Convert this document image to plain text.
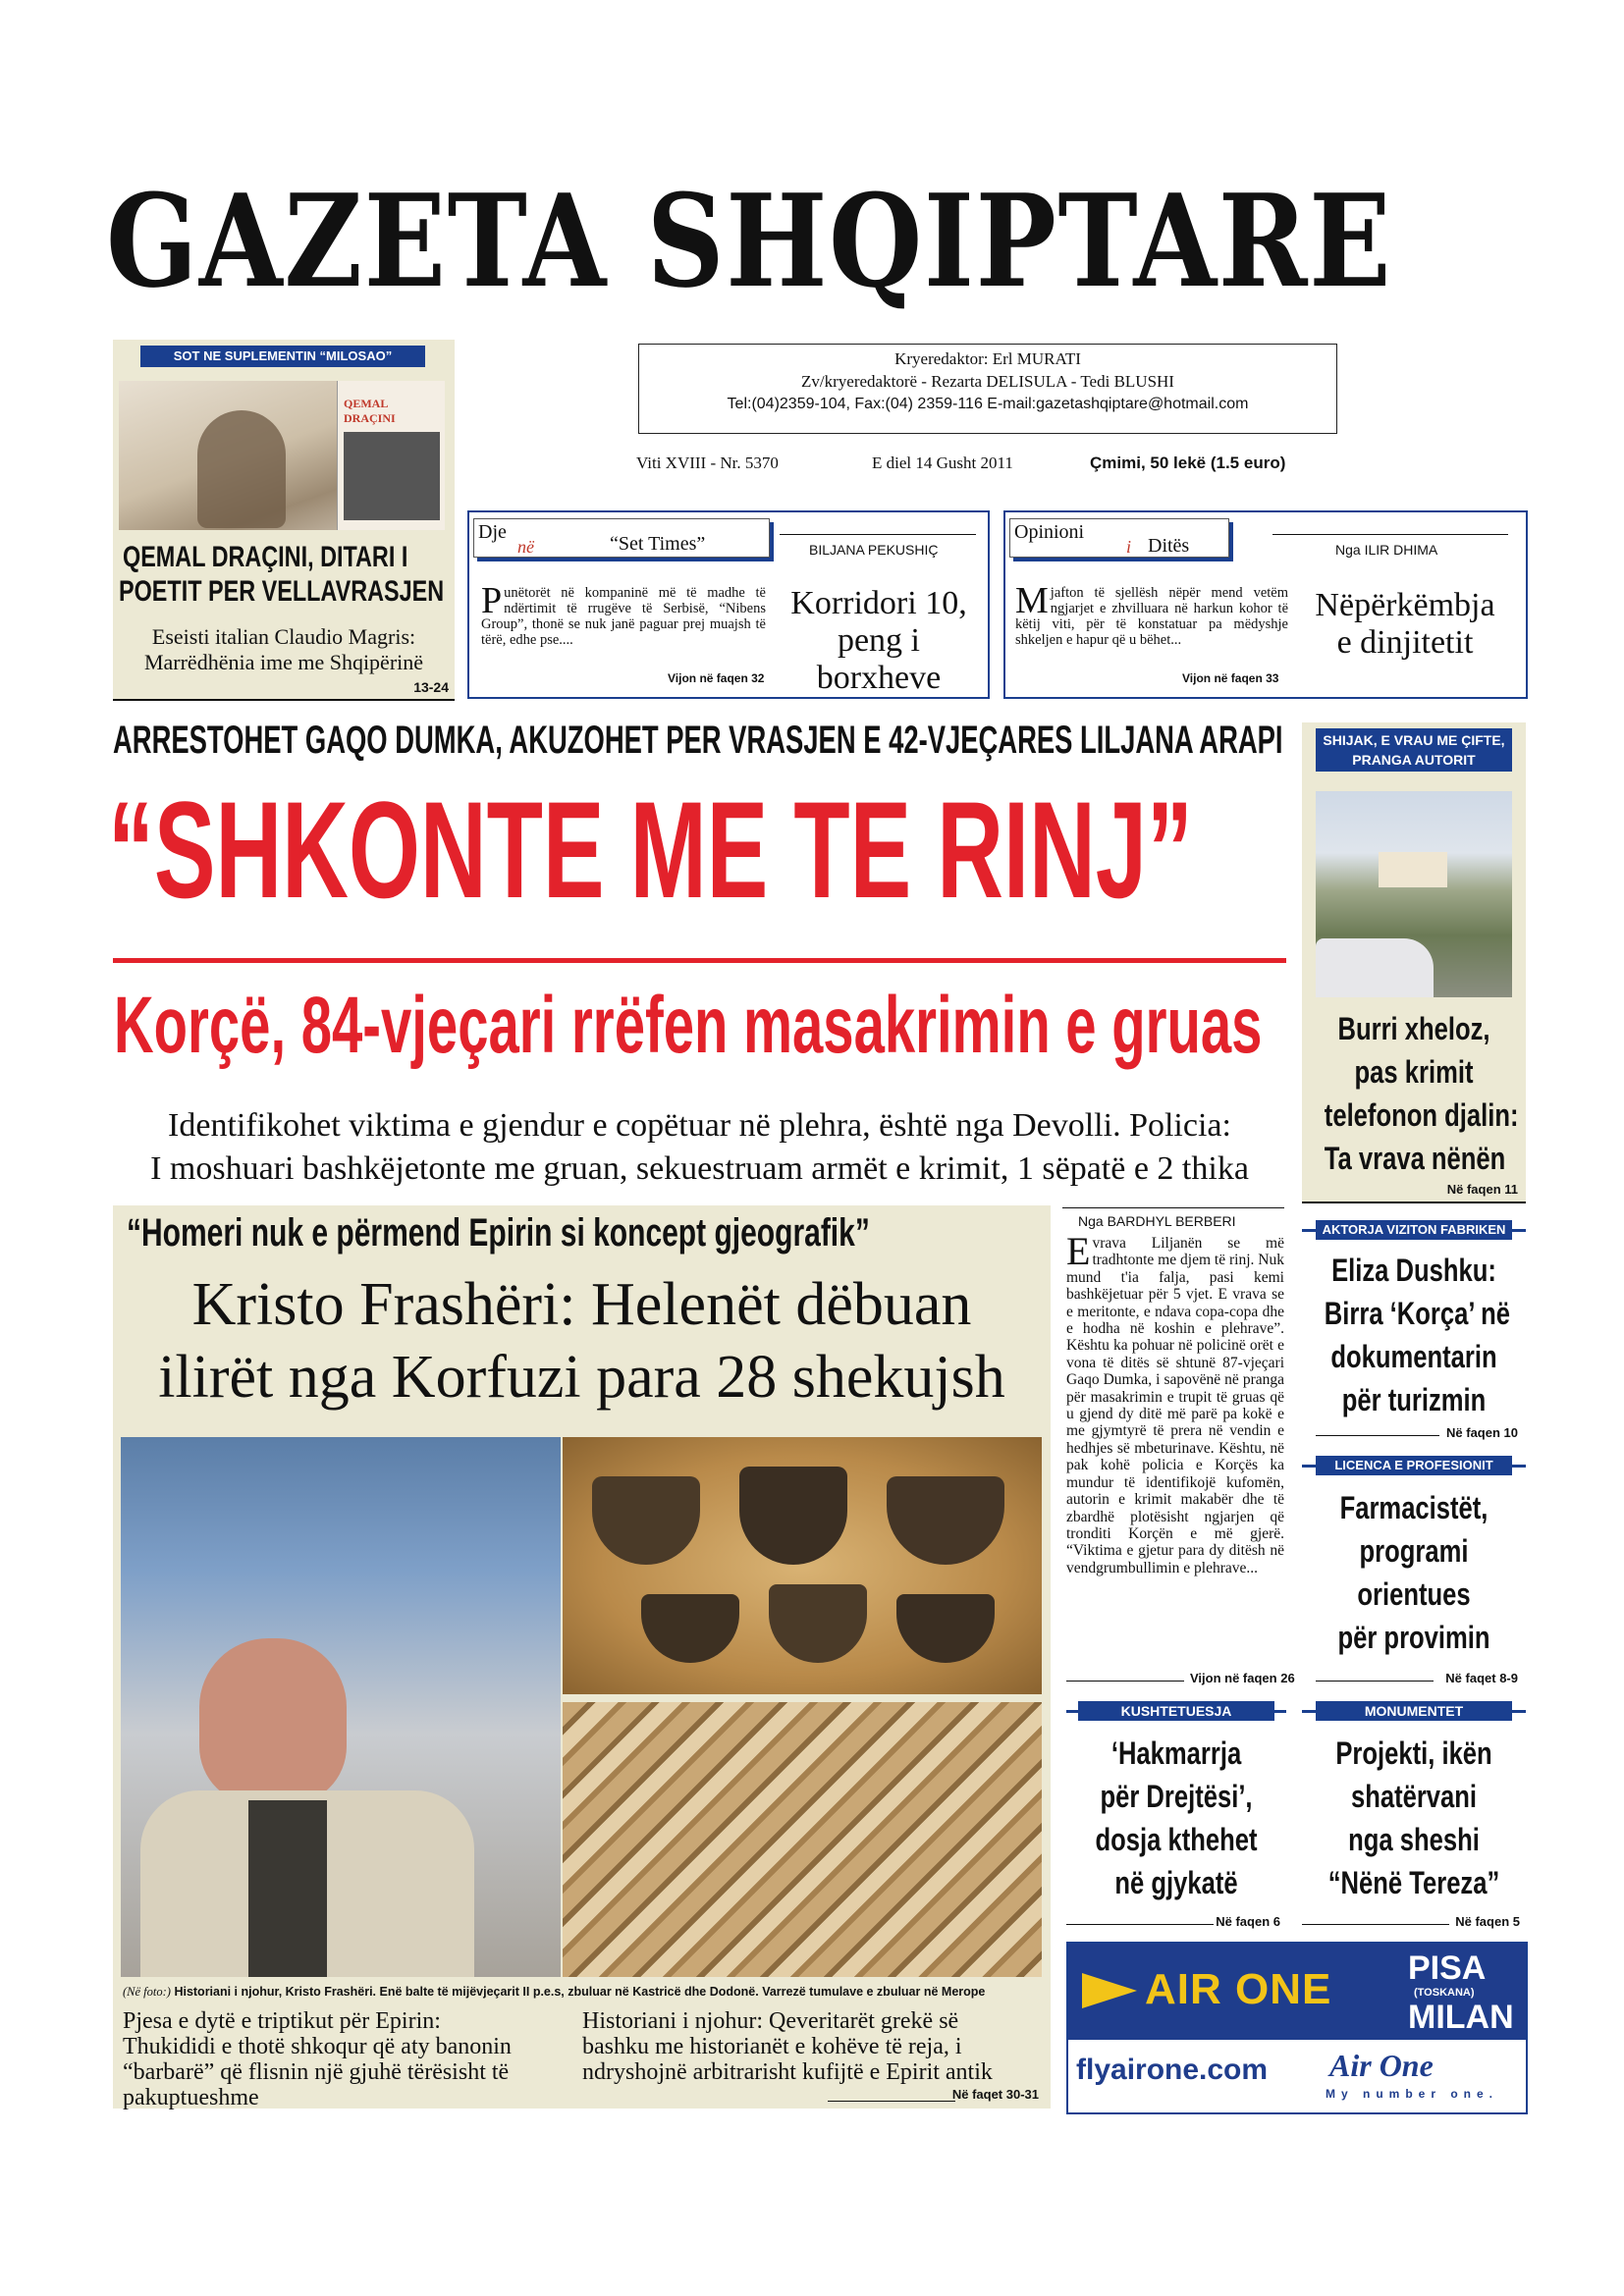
GAZETA SHQIPTARE
Kryeredaktor: Erl MURATI
Zv/kryeredaktorë - Rezarta DELISULA - Tedi BLUSHI
Tel:(04)2359-104, Fax:(04) 2359-116 E-mail:gazetashqiptare@hotmail.com
Viti XVIII - Nr. 5370	E diel 14 Gusht 2011	Çmimi, 50 lekë (1.5 euro)
SOT NE SUPLEMENTIN “MILOSAO”
QEMAL DRAÇINI
QEMAL DRAÇINI, DITARI I
POETIT PER VELLAVRASJEN
Eseisti italian Claudio Magris:
Marrëdhënia ime me Shqipërinë
13-24
Dje
në	“Set Times”	BILJANA PEKUSHIÇ
P unëtorët në kompaninë më të madhe të ndërtimit të rrugëve të Serbisë, “Nibens Group”, thonë se nuk janë paguar prej muajsh të tërë, edhe pse....
Korridori 10,
peng i borxheve
Vijon në faqen 32
Opinioni
i Ditës	Nga ILIR DHIMA
M jafton të sjellësh nëpër mend vetëm ngjarjet e zhvilluara në harkun kohor të këtij viti, për të konstatuar pa mëdyshje shkeljen e hapur që u bëhet...
Nëpërkëmbja
e dinjitetit
Vijon në faqen 33
ARRESTOHET GAQO DUMKA, AKUZOHET PER VRASJEN E 42-VJEÇARES LILJANA ARAPI
“SHKONTE ME TE RINJ”
Korçë, 84-vjeçari rrëfen masakrimin e gruas
Identifikohet viktima e gjendur e copëtuar në plehra, është nga Devolli. Policia:
I moshuari bashkëjetonte me gruan, sekuestruam armët e krimit, 1 sëpatë e 2 thika
Nga BARDHYL BERBERI
E vrava Liljanën se më tradhtonte me djem të rinj. Nuk mund t'ia falja, pasi kemi bashkëjetuar për 5 vjet. E vrava se e meritonte, e ndava copa-copa dhe e hodha në koshin e plehrave”. Kështu ka pohuar në policinë orët e vona të ditës së shtunë 87-vjeçari Gaqo Dumka, i sapovënë në pranga për masakrimin e trupit të gruas që u gjend dy ditë më parë pa kokë e me gjymtyrë të prera në vendin e hedhjes së mbeturinave. Kështu, në pak kohë policia e Korçës ka mundur të identifikojë kufomën, autorin e krimit makabër dhe të zbardhë plotësisht ngjarjen që tronditi Korçën e më gjerë. “Viktima e gjetur para dy ditësh në vendgrumbullimin e plehrave...
Vijon në faqen 26
SHIJAK, E VRAU ME ÇIFTE, PRANGA AUTORIT
Burri xheloz,
pas krimit
telefonon djalin:
Ta vrava nënën
Në faqen 11
AKTORJA VIZITON FABRIKEN
Eliza Dushku:
Birra ‘Korça’ në
dokumentarin
për turizmin
Në faqen 10
LICENCA E PROFESIONIT
Farmacistët,
programi
orientues
për provimin
Në faqet 8-9
KUSHTETUESJA
‘Hakmarrja
për Drejtësi’,
dosja kthehet
në gjykatë
Në faqen 6
MONUMENTET
Projekti, ikën
shatërvani
nga sheshi
“Nënë Tereza”
Në faqen 5
“Homeri nuk e përmend Epirin si koncept gjeografik”
Kristo Frashëri: Helenët dëbuan
ilirët nga Korfuzi para 28 shekujsh
(Në foto:) Historiani i njohur, Kristo Frashëri. Enë balte të mijëvjeçarit II p.e.s, zbuluar në Kastricë dhe Dodonë. Varrezë tumulave e zbuluar në Merope
Pjesa e dytë e triptikut për Epirin: Thukididi e thotë shkoqur që aty banonin “barbarë” që flisnin një gjuhë tërësisht të pakuptueshme
Historiani i njohur: Qeveritarët grekë së bashku me historianët e kohëve të reja, i ndryshojnë arbitrarisht kufijtë e Epirit antik
Në faqet 30-31
AIR ONE PISA
(TOSKANA)
MILAN
flyairone.com Air One
My number one.
